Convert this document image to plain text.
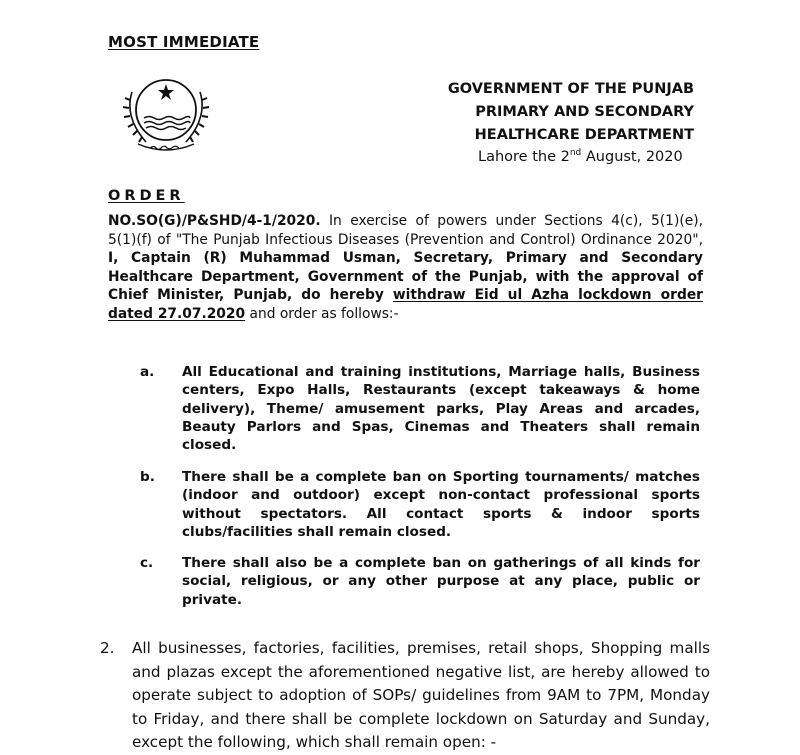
MOST IMMEDIATE
GOVERNMENT OF THE PUNJAB
PRIMARY AND SECONDARY
HEALTHCARE DEPARTMENT
Lahore the 2nd August, 2020
ORDER
NO.SO(G)/P&SHD/4-1/2020. In exercise of powers under Sections 4(c), 5(1)(e), 5(1)(f) of "The Punjab Infectious Diseases (Prevention and Control) Ordinance 2020", I, Captain (R) Muhammad Usman, Secretary, Primary and Secondary Healthcare Department, Government of the Punjab, with the approval of Chief Minister, Punjab, do hereby withdraw Eid ul Azha lockdown order dated 27.07.2020 and order as follows:-
a. All Educational and training institutions, Marriage halls, Business centers, Expo Halls, Restaurants (except takeaways & home delivery), Theme/ amusement parks, Play Areas and arcades, Beauty Parlors and Spas, Cinemas and Theaters shall remain closed.
b. There shall be a complete ban on Sporting tournaments/ matches (indoor and outdoor) except non-contact professional sports without spectators. All contact sports & indoor sports clubs/facilities shall remain closed.
c. There shall also be a complete ban on gatherings of all kinds for social, religious, or any other purpose at any place, public or private.
2. All businesses, factories, facilities, premises, retail shops, Shopping malls and plazas except the aforementioned negative list, are hereby allowed to operate subject to adoption of SOPs/ guidelines from 9AM to 7PM, Monday to Friday, and there shall be complete lockdown on Saturday and Sunday, except the following, which shall remain open: -
